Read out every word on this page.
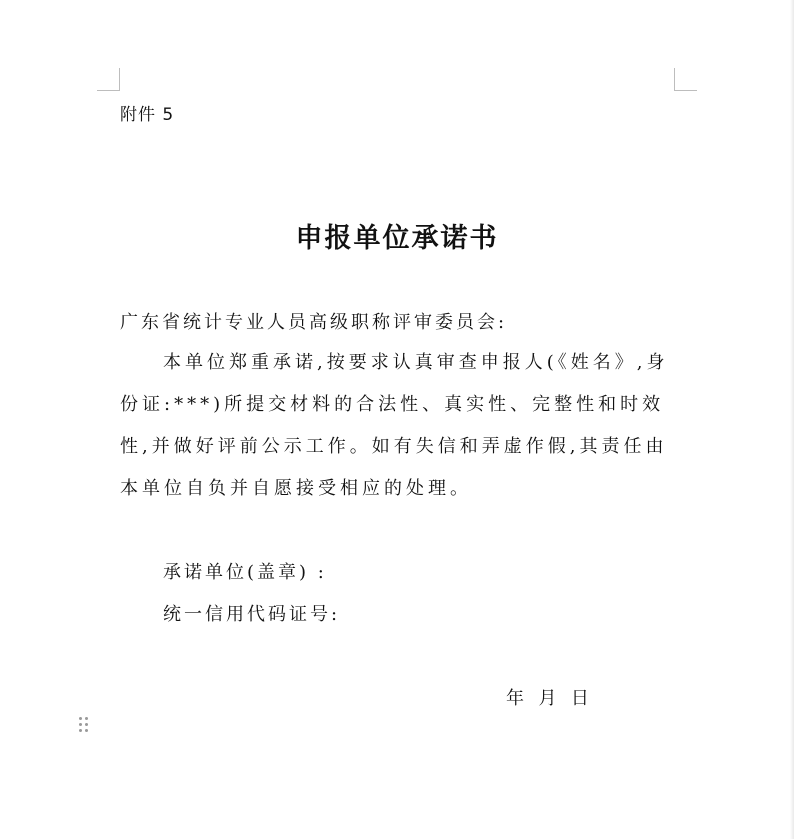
附件 5
申报单位承诺书
广东省统计专业人员高级职称评审委员会:
本单位郑重承诺,按要求认真审查申报人(《姓名》,身
份证:***)所提交材料的合法性、真实性、完整性和时效
性,并做好评前公示工作。如有失信和弄虚作假,其责任由
本单位自负并自愿接受相应的处理。
承诺单位(盖章) :
统一信用代码证号:
年  月  日
